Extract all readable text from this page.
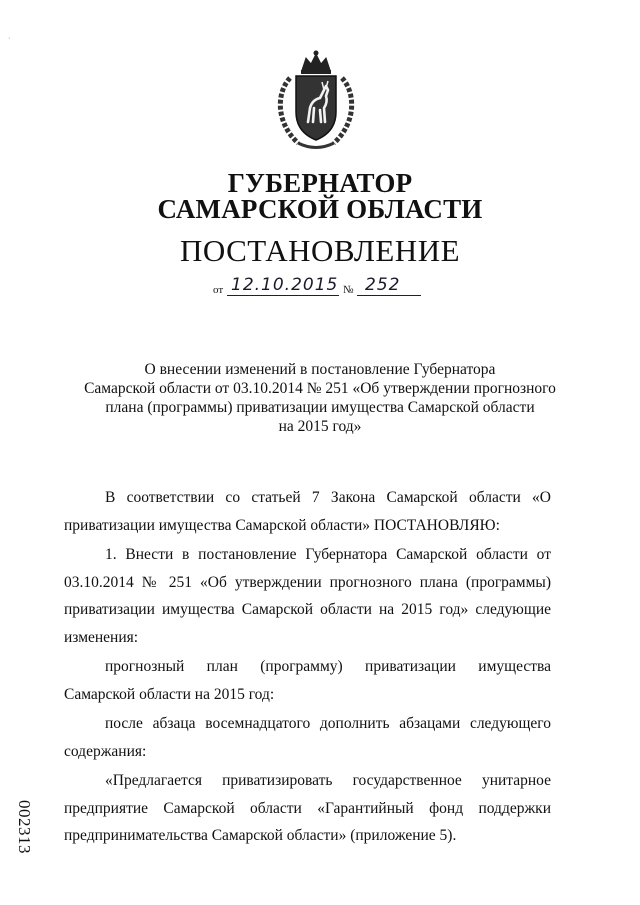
˙
ГУБЕРНАТОР
САМАРСКОЙ ОБЛАСТИ
ПОСТАНОВЛЕНИЕ
от 12.10.2015 № 252
О внесении изменений в постановление Губернатора
Самарской области от 03.10.2014 № 251 «Об утверждении прогнозного
плана (программы) приватизации имущества Самарской области
на 2015 год»

В соответствии со статьей 7 Закона Самарской области «О приватизации имущества Самарской области» ПОСТАНОВЛЯЮ:

1. Внести в постановление Губернатора Самарской области от 03.10.2014 № 251 «Об утверждении прогнозного плана (программы) приватизации имущества Самарской области на 2015 год» следующие изменения:

прогнозный план (программу) приватизации имущества Самарской области на 2015 год:

после абзаца восемнадцатого дополнить абзацами следующего содержания:

«Предлагается приватизировать государственное унитарное предприятие Самарской области «Гарантийный фонд поддержки предпринимательства Самарской области» (приложение 5).

002313
